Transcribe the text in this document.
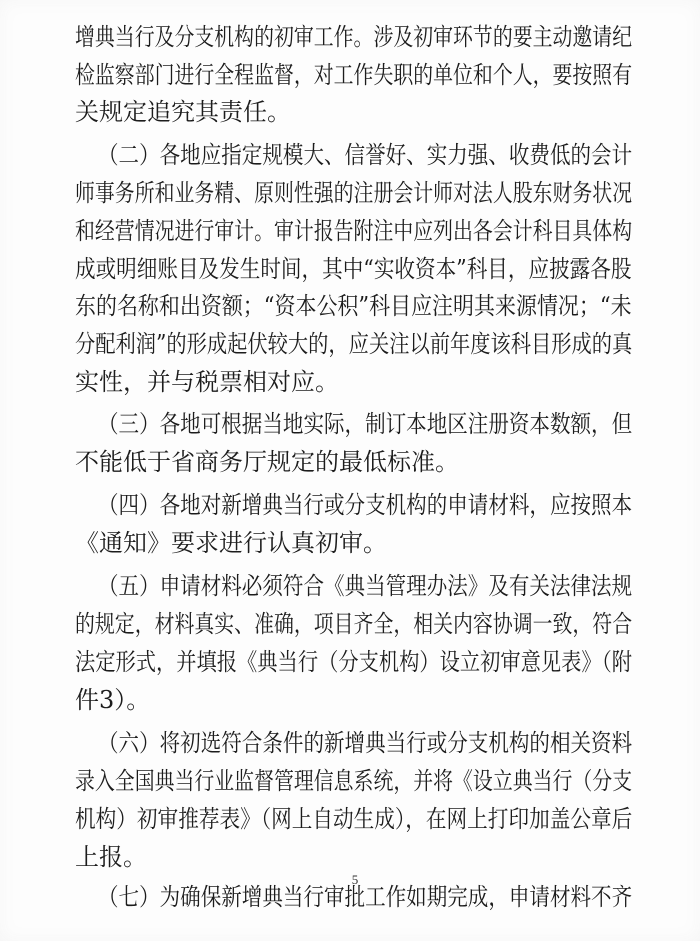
增典当行及分支机构的初审工作。涉及初审环节的要主动邀请纪
检监察部门进行全程监督，对工作失职的单位和个人，要按照有
关规定追究其责任。
（二）各地应指定规模大、信誉好、实力强、收费低的会计
师事务所和业务精、原则性强的注册会计师对法人股东财务状况
和经营情况进行审计。审计报告附注中应列出各会计科目具体构
成或明细账目及发生时间，其中“实收资本”科目，应披露各股
东的名称和出资额；“资本公积”科目应注明其来源情况；“未
分配利润”的形成起伏较大的，应关注以前年度该科目形成的真
实性，并与税票相对应。
（三）各地可根据当地实际，制订本地区注册资本数额，但
不能低于省商务厅规定的最低标准。
（四）各地对新增典当行或分支机构的申请材料，应按照本
《通知》要求进行认真初审。
（五）申请材料必须符合《典当管理办法》及有关法律法规
的规定，材料真实、准确，项目齐全，相关内容协调一致，符合
法定形式，并填报《典当行（分支机构）设立初审意见表》（附
件3）。
（六）将初选符合条件的新增典当行或分支机构的相关资料
录入全国典当行业监督管理信息系统，并将《设立典当行（分支
机构）初审推荐表》（网上自动生成），在网上打印加盖公章后
上报。
（七）为确保新增典当行审批工作如期完成，申请材料不齐
5
